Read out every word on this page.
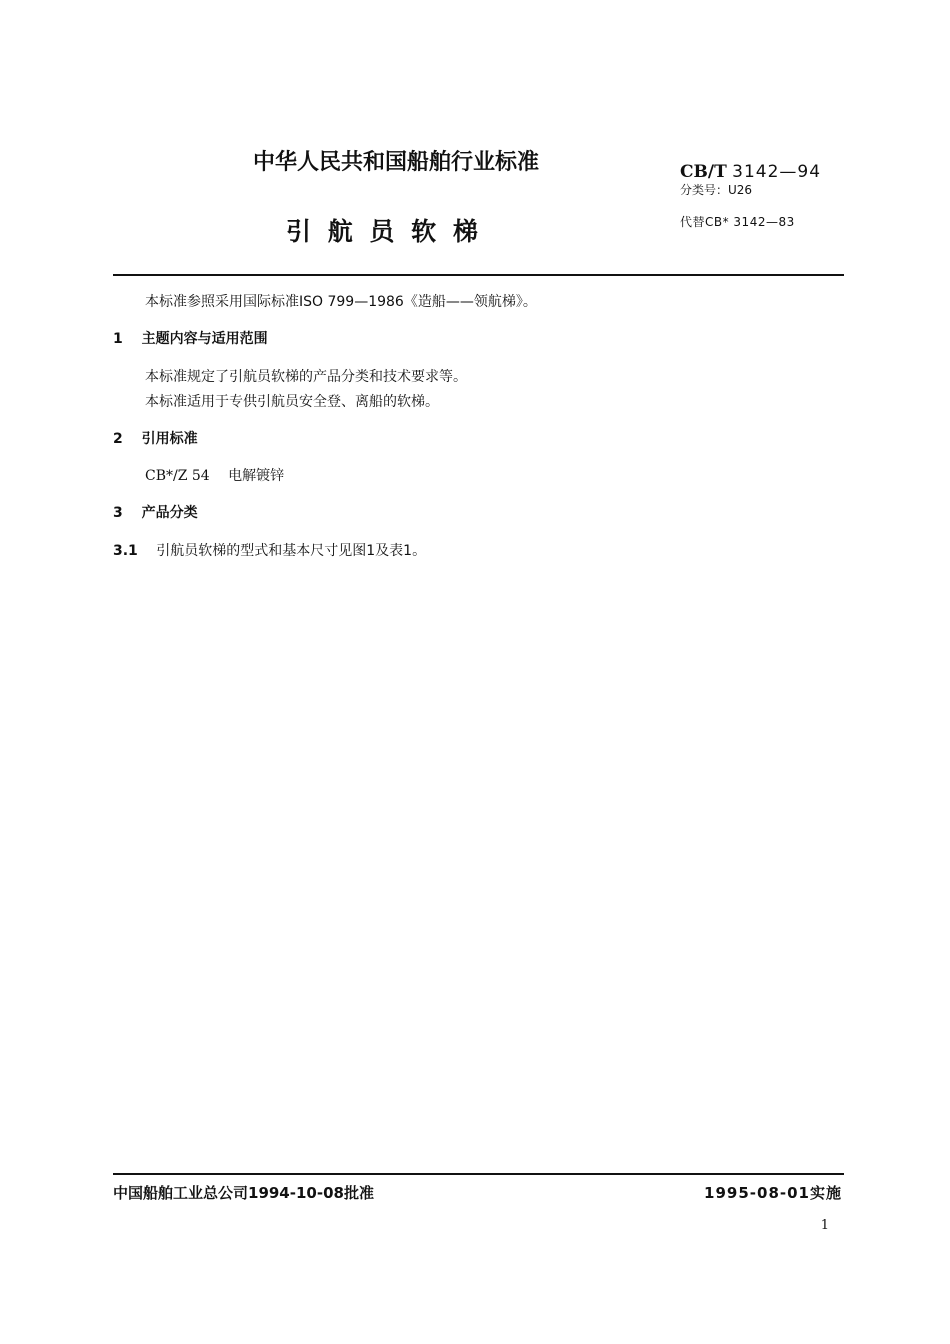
中华人民共和国船舶行业标准
引 航 员 软 梯
CB/T 3142—94
分类号：U26
代替CB* 3142—83
本标准参照采用国际标准ISO 799—1986《造船——领航梯》。
1 主题内容与适用范围
本标准规定了引航员软梯的产品分类和技术要求等。
本标准适用于专供引航员安全登、离船的软梯。
2 引用标准
CB*/Z 54 电解镀锌
3 产品分类
3.1 引航员软梯的型式和基本尺寸见图1及表1。
中国船舶工业总公司1994-10-08批准	1995-08-01实施
1
